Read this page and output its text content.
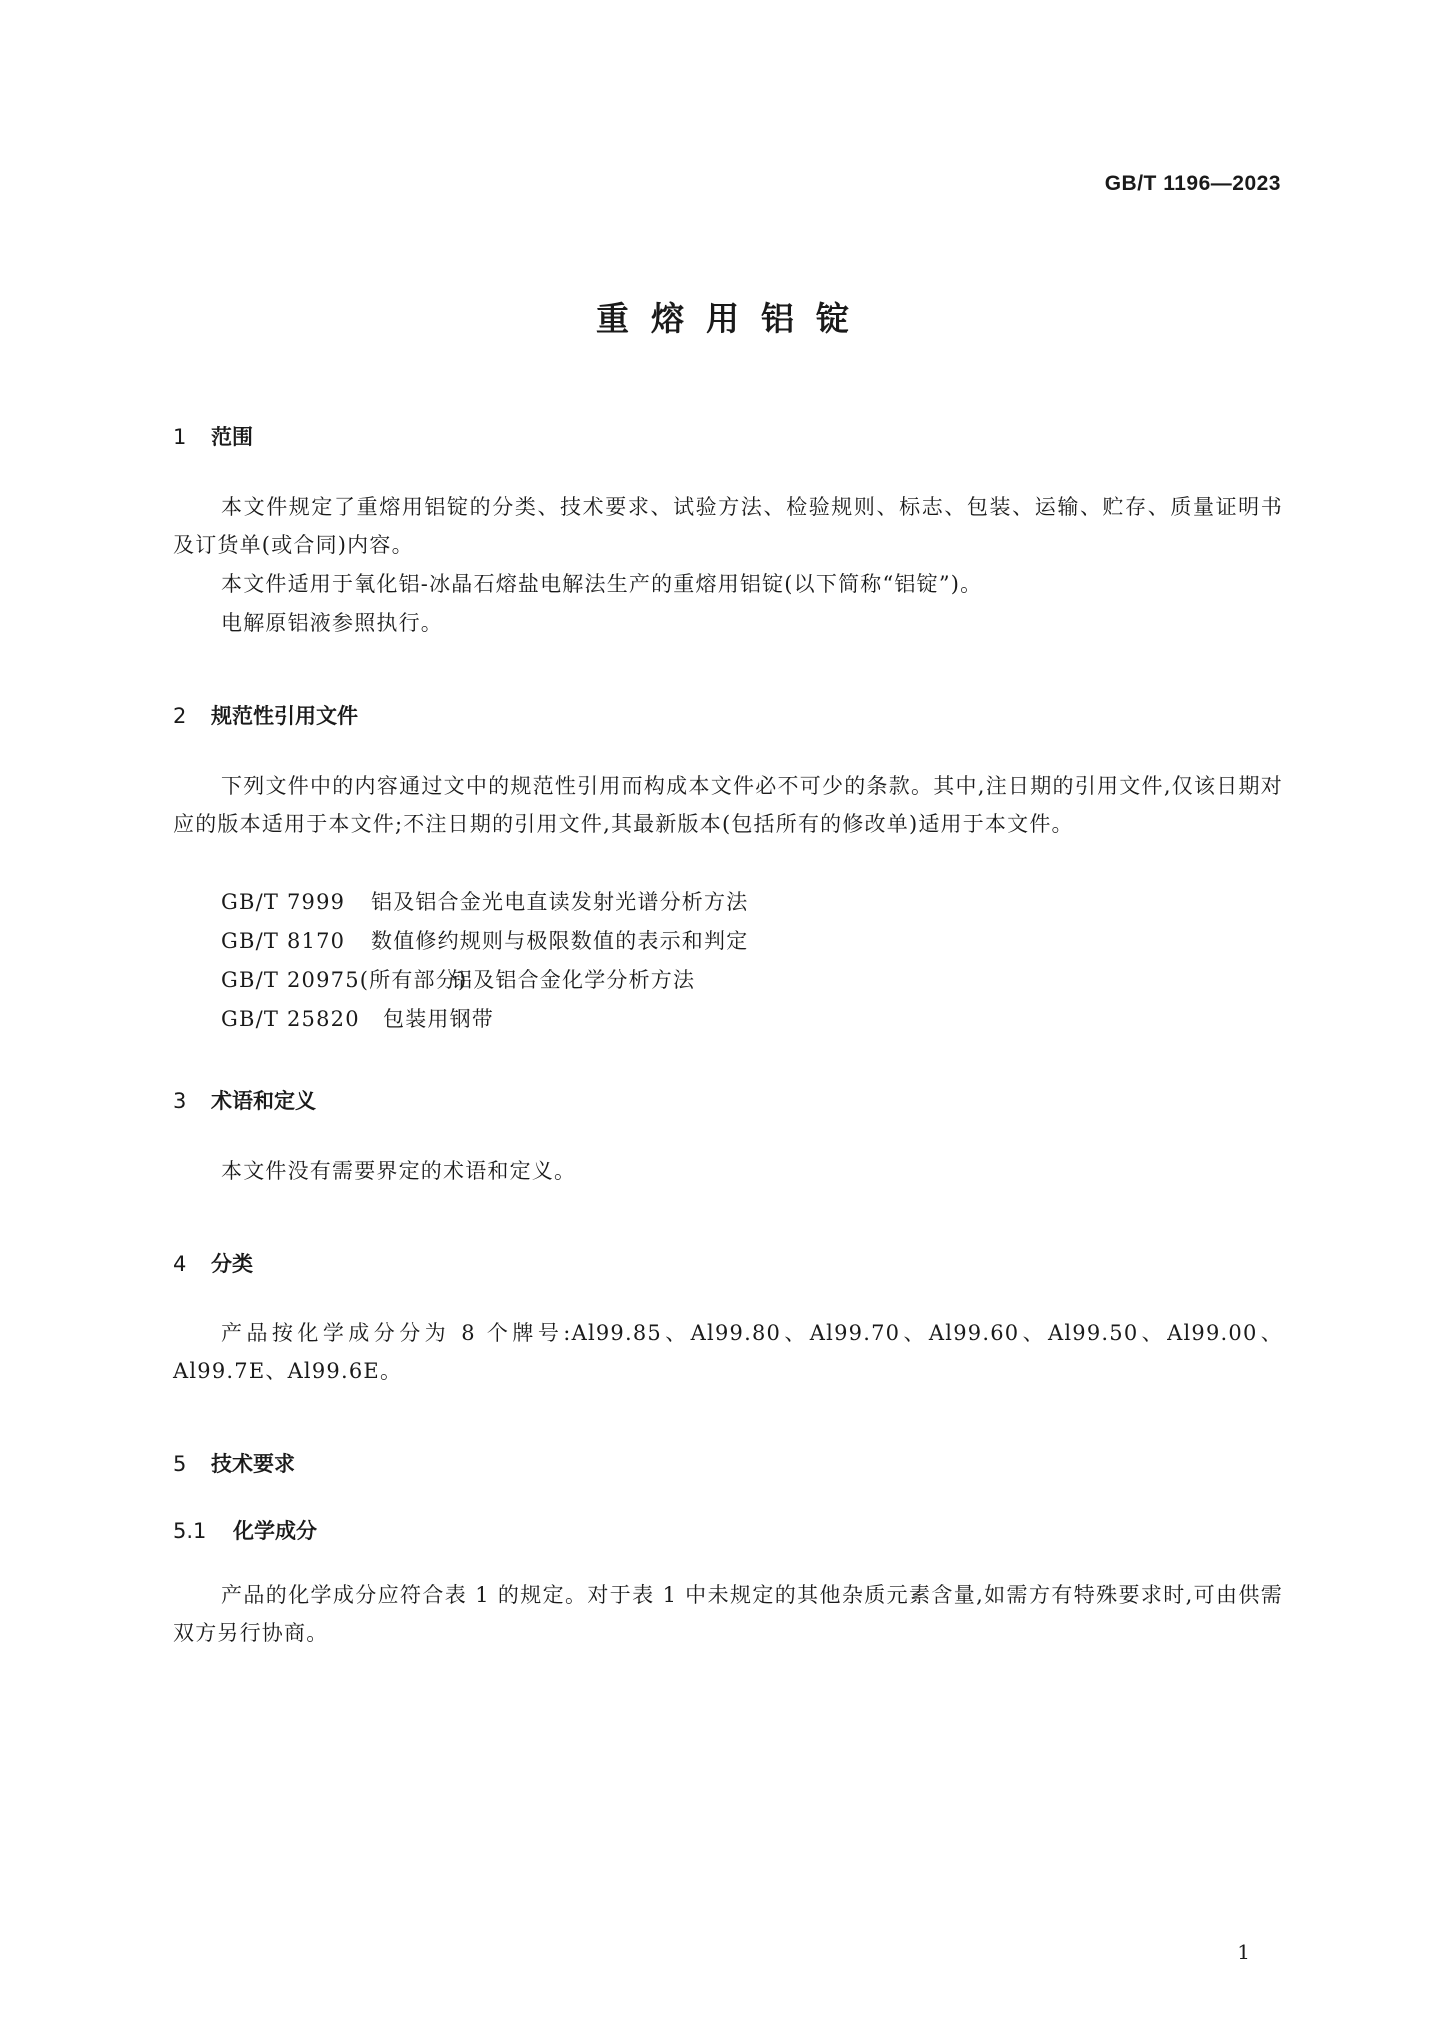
GB/T 1196—2023
重熔用铝锭
1 范围
本文件规定了重熔用铝锭的分类、技术要求、试验方法、检验规则、标志、包装、运输、贮存、质量证明书及订货单(或合同)内容。
本文件适用于氧化铝-冰晶石熔盐电解法生产的重熔用铝锭(以下简称“铝锭”)。
电解原铝液参照执行。
2 规范性引用文件
下列文件中的内容通过文中的规范性引用而构成本文件必不可少的条款。其中,注日期的引用文件,仅该日期对应的版本适用于本文件;不注日期的引用文件,其最新版本(包括所有的修改单)适用于本文件。
GB/T 7999 铝及铝合金光电直读发射光谱分析方法
GB/T 8170 数值修约规则与极限数值的表示和判定
GB/T 20975(所有部分)铝及铝合金化学分析方法
GB/T 25820 包装用钢带
3 术语和定义
本文件没有需要界定的术语和定义。
4 分类
产品按化学成分分为 8 个牌号:Al99.85、Al99.80、Al99.70、Al99.60、Al99.50、Al99.00、Al99.7E、Al99.6E。
5 技术要求
5.1 化学成分
产品的化学成分应符合表 1 的规定。对于表 1 中未规定的其他杂质元素含量,如需方有特殊要求时,可由供需双方另行协商。
1
